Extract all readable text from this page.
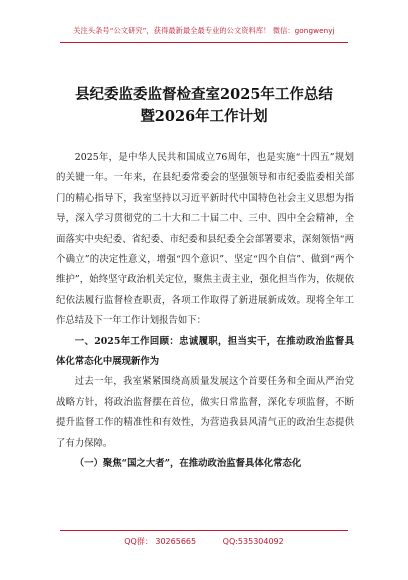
关注头条号“公文研究”，获得最新最全最专业的公文资料库！ 微信：gongwenyj
县纪委监委监督检查室2025年工作总结
暨2026年工作计划

2025年，是中华人民共和国成立76周年，也是实施“十四五”规划的关键一年。一年来，在县纪委常委会的坚强领导和市纪委监委相关部门的精心指导下，我室坚持以习近平新时代中国特色社会主义思想为指导，深入学习贯彻党的二十大和二十届二中、三中、四中全会精神，全面落实中央纪委、省纪委、市纪委和县纪委全会部署要求，深刻领悟“两个确立”的决定性意义，增强“四个意识”、坚定“四个自信”、做到“两个维护”，始终坚守政治机关定位，聚焦主责主业，强化担当作为，依规依纪依法履行监督检查职责，各项工作取得了新进展新成效。现将全年工作总结及下一年工作计划报告如下：

一、2025年工作回顾：忠诚履职，担当实干，在推动政治监督具体化常态化中展现新作为

过去一年，我室紧紧围绕高质量发展这个首要任务和全面从严治党战略方针，将政治监督摆在首位，做实日常监督，深化专项监督，不断提升监督工作的精准性和有效性，为营造我县风清气正的政治生态提供了有力保障。

（一）聚焦“国之大者”，在推动政治监督具体化常态化

QQ群： 30265665	QQ:535304092
